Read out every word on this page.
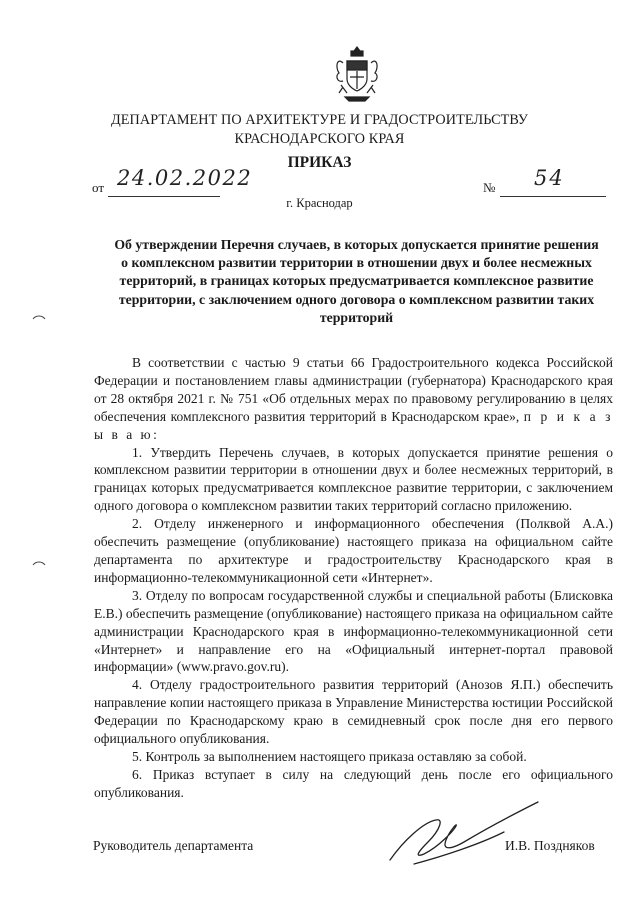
ДЕПАРТАМЕНТ ПО АРХИТЕКТУРЕ И ГРАДОСТРОИТЕЛЬСТВУ
КРАСНОДАРСКОГО КРАЯ
ПРИКАЗ
от 24.02.2022	№ 54
г. Краснодар
Об утверждении Перечня случаев, в которых допускается принятие решения о комплексном развитии территории в отношении двух и более несмежных территорий, в границах которых предусматривается комплексное развитие территории, с заключением одного договора о комплексном развитии таких территорий

В соответствии с частью 9 статьи 66 Градостроительного кодекса Российской Федерации и постановлением главы администрации (губернатора) Краснодарского края от 28 октября 2021 г. № 751 «Об отдельных мерах по правовому регулированию в целях обеспечения комплексного развития территорий в Краснодарском крае», п р и к а з ы в а ю:

1. Утвердить Перечень случаев, в которых допускается принятие решения о комплексном развитии территории в отношении двух и более несмежных территорий, в границах которых предусматривается комплексное развитие территории, с заключением одного договора о комплексном развитии таких территорий согласно приложению.

2. Отделу инженерного и информационного обеспечения (Полквой А.А.) обеспечить размещение (опубликование) настоящего приказа на официальном сайте департамента по архитектуре и градостроительству Краснодарского края в информационно-телекоммуникационной сети «Интернет».

3. Отделу по вопросам государственной службы и специальной работы (Блисковка Е.В.) обеспечить размещение (опубликование) настоящего приказа на официальном сайте администрации Краснодарского края в информационно-телекоммуникационной сети «Интернет» и направление его на «Официальный интернет-портал правовой информации» (www.pravo.gov.ru).

4. Отделу градостроительного развития территорий (Анозов Я.П.) обеспечить направление копии настоящего приказа в Управление Министерства юстиции Российской Федерации по Краснодарскому краю в семидневный срок после дня его первого официального опубликования.

5. Контроль за выполнением настоящего приказа оставляю за собой.

6. Приказ вступает в силу на следующий день после его официального опубликования.

Руководитель департамента	И.В. Поздняков
